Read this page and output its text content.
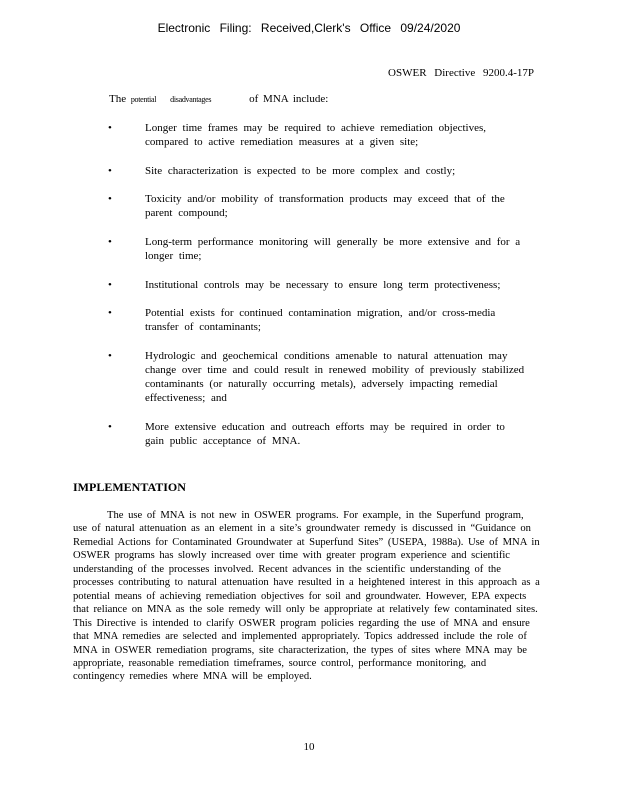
Electronic Filing: Received,Clerk's Office 09/24/2020
OSWER Directive 9200.4-17P
The potential disadvantages	of MNA include:
•	Longer time frames may be required to achieve remediation objectives, compared to active remediation measures at a given site;
•	Site characterization is expected to be more complex and costly;
•	Toxicity and/or mobility of transformation products may exceed that of the parent compound;
•	Long-term performance monitoring will generally be more extensive and for a longer time;
•	Institutional controls may be necessary to ensure long term protectiveness;
•	Potential exists for continued contamination migration, and/or cross-media transfer of contaminants;
•	Hydrologic and geochemical conditions amenable to natural attenuation may change over time and could result in renewed mobility of previously stabilized contaminants (or naturally occurring metals), adversely impacting remedial effectiveness; and
•	More extensive education and outreach efforts may be required in order to gain public acceptance of MNA.
IMPLEMENTATION

The use of MNA is not new in OSWER programs. For example, in the Superfund program, use of natural attenuation as an element in a site’s groundwater remedy is discussed in “Guidance on Remedial Actions for Contaminated Groundwater at Superfund Sites” (USEPA, 1988a). Use of MNA in OSWER programs has slowly increased over time with greater program experience and scientific understanding of the processes involved. Recent advances in the scientific understanding of the processes contributing to natural attenuation have resulted in a heightened interest in this approach as a potential means of achieving remediation objectives for soil and groundwater. However, EPA expects that reliance on MNA as the sole remedy will only be appropriate at relatively few contaminated sites. This Directive is intended to clarify OSWER program policies regarding the use of MNA and ensure that MNA remedies are selected and implemented appropriately. Topics addressed include the role of MNA in OSWER remediation programs, site characterization, the types of sites where MNA may be appropriate, reasonable remediation timeframes, source control, performance monitoring, and contingency remedies where MNA will be employed.

10
